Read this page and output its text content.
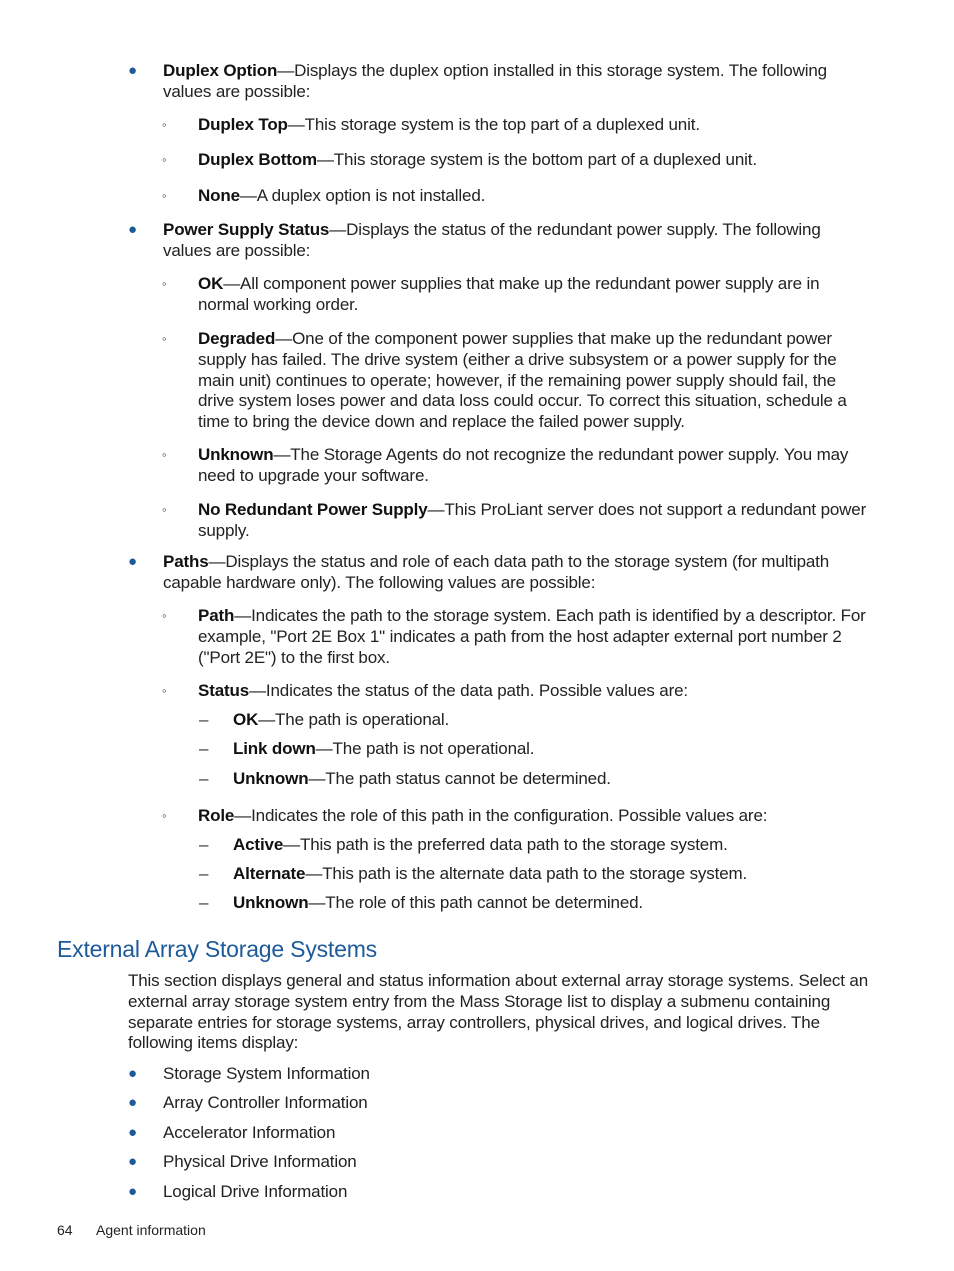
● Duplex Option—Displays the duplex option installed in this storage system. The following values are possible:

◦ Duplex Top—This storage system is the top part of a duplexed unit.

◦ Duplex Bottom—This storage system is the bottom part of a duplexed unit.

◦ None—A duplex option is not installed.

● Power Supply Status—Displays the status of the redundant power supply. The following values are possible:

◦ OK—All component power supplies that make up the redundant power supply are in normal working order.

◦ Degraded—One of the component power supplies that make up the redundant power supply has failed. The drive system (either a drive subsystem or a power supply for the main unit) continues to operate; however, if the remaining power supply should fail, the drive system loses power and data loss could occur. To correct this situation, schedule a time to bring the device down and replace the failed power supply.

◦ Unknown—The Storage Agents do not recognize the redundant power supply. You may need to upgrade your software.

◦ No Redundant Power Supply—This ProLiant server does not support a redundant power supply.

● Paths—Displays the status and role of each data path to the storage system (for multipath capable hardware only). The following values are possible:

◦ Path—Indicates the path to the storage system. Each path is identified by a descriptor. For example, "Port 2E Box 1" indicates a path from the host adapter external port number 2 ("Port 2E") to the first box.

◦ Status—Indicates the status of the data path. Possible values are:

– OK—The path is operational.

– Link down—The path is not operational.

– Unknown—The path status cannot be determined.

◦ Role—Indicates the role of this path in the configuration. Possible values are:

– Active—This path is the preferred data path to the storage system.

– Alternate—This path is the alternate data path to the storage system.

– Unknown—The role of this path cannot be determined.

External Array Storage Systems

This section displays general and status information about external array storage systems. Select an external array storage system entry from the Mass Storage list to display a submenu containing separate entries for storage systems, array controllers, physical drives, and logical drives. The following items display:

● Storage System Information

● Array Controller Information

● Accelerator Information

● Physical Drive Information

● Logical Drive Information

64 Agent information
